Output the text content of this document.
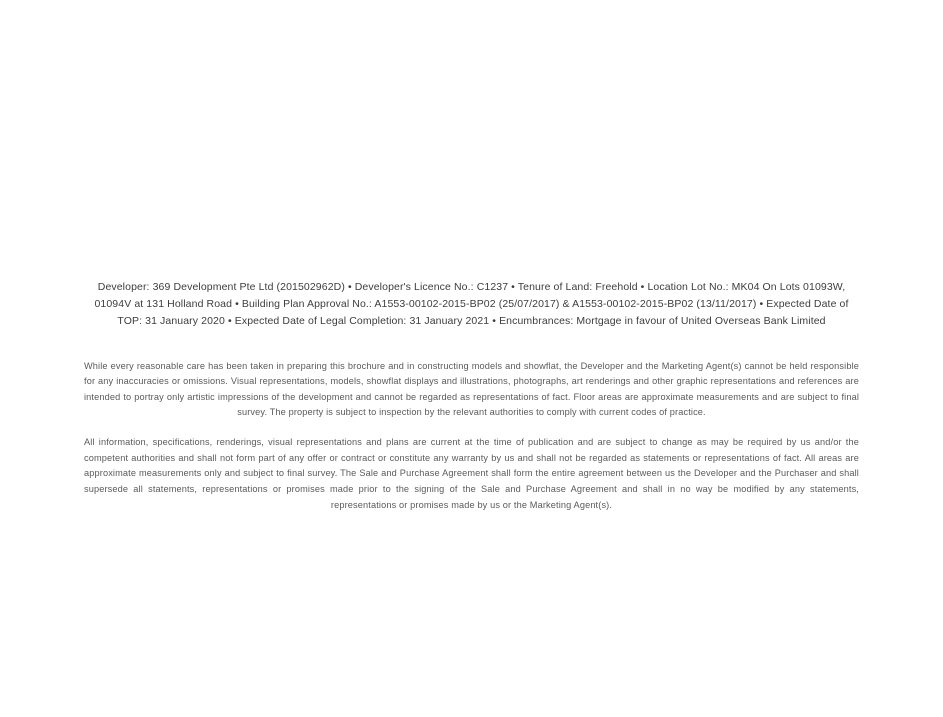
Developer: 369 Development Pte Ltd (201502962D) • Developer's Licence No.: C1237 • Tenure of Land: Freehold • Location Lot No.: MK04 On Lots 01093W, 01094V at 131 Holland Road • Building Plan Approval No.: A1553-00102-2015-BP02 (25/07/2017) & A1553-00102-2015-BP02 (13/11/2017) • Expected Date of TOP: 31 January 2020 • Expected Date of Legal Completion: 31 January 2021 • Encumbrances: Mortgage in favour of United Overseas Bank Limited

While every reasonable care has been taken in preparing this brochure and in constructing models and showflat, the Developer and the Marketing Agent(s) cannot be held responsible for any inaccuracies or omissions. Visual representations, models, showflat displays and illustrations, photographs, art renderings and other graphic representations and references are intended to portray only artistic impressions of the development and cannot be regarded as representations of fact. Floor areas are approximate measurements and are subject to final survey. The property is subject to inspection by the relevant authorities to comply with current codes of practice.

All information, specifications, renderings, visual representations and plans are current at the time of publication and are subject to change as may be required by us and/or the competent authorities and shall not form part of any offer or contract or constitute any warranty by us and shall not be regarded as statements or representations of fact. All areas are approximate measurements only and subject to final survey. The Sale and Purchase Agreement shall form the entire agreement between us the Developer and the Purchaser and shall supersede all statements, representations or promises made prior to the signing of the Sale and Purchase Agreement and shall in no way be modified by any statements, representations or promises made by us or the Marketing Agent(s).
